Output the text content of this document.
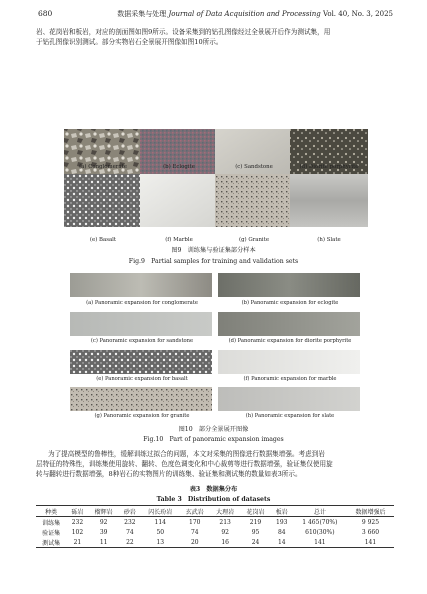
680	数据采集与处理 Journal of Data Acquisition and Processing Vol. 40, No. 3, 2025
岩、花岗岩和板岩，对应的剖面图如图9所示。设备采集到的钻孔图像经过全景展开后作为测试集，用
于钻孔图像识别测试。部分实物岩石全景展开图像如图10所示。
(a) Conglomerate	(b) Eclogite	(c) Sandstone	(d) Diorite porphyrite
(e) Basalt	(f) Marble	(g) Granite	(h) Slate
图9　训练集与验证集部分样本
Fig.9　Partial samples for training and validation sets
(a) Panoramic expansion for conglomerate	(b) Panoramic expansion for eclogite
(c) Panoramic expansion for sandstone	(d) Panoramic expansion for diorite porphyrite
(e) Panoramic expansion for basalt	(f) Panoramic expansion for marble
(g) Panoramic expansion for granite	(h) Panoramic expansion for slate
图10　部分全景展开图像
Fig.10　Part of panoramic expansion images
为了提高模型的鲁棒性，缓解训练过拟合的问题，本文对采集的图像进行数据集增强。考虑到岩
层特征的特殊性，训练集使用旋转、翻转、色度色调变化和中心裁剪等进行数据增强，验证集仅使用旋
转与翻转进行数据增强，8种岩石的实物图片的训练集、验证集和测试集的数量如表3所示。
表3　数据集分布
Table 3　Distribution of datasets
种类	砾岩	榴辉岩	砂岩	闪长玢岩	玄武岩	大理岩	花岗岩	板岩	总计	数据增强后
训练集	232	92	232	114	170	213	219	193	1 465(70%)	9 925
验证集	102	39	74	50	74	92	95	84	610(30%)	3 660
测试集	21	11	22	13	20	16	24	14	141	141
